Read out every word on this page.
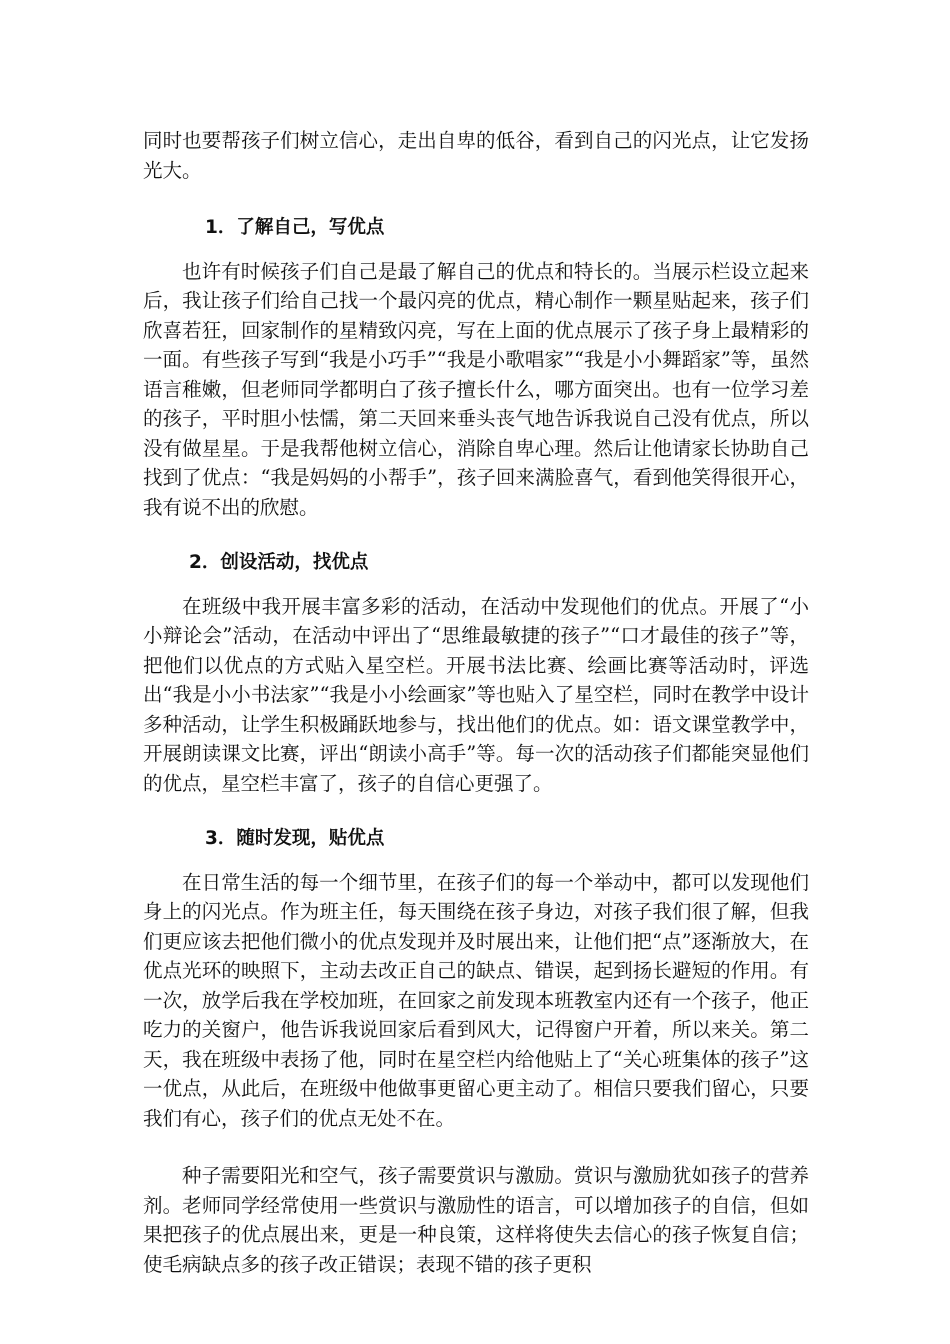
同时也要帮孩子们树立信心，走出自卑的低谷，看到自己的闪光点，让它发扬光大。

1．了解自己，写优点

也许有时候孩子们自己是最了解自己的优点和特长的。当展示栏设立起来后，我让孩子们给自己找一个最闪亮的优点，精心制作一颗星贴起来，孩子们欣喜若狂，回家制作的星精致闪亮，写在上面的优点展示了孩子身上最精彩的一面。有些孩子写到“我是小巧手”“我是小歌唱家”“我是小小舞蹈家”等，虽然语言稚嫩，但老师同学都明白了孩子擅长什么，哪方面突出。也有一位学习差的孩子，平时胆小怯懦，第二天回来垂头丧气地告诉我说自己没有优点，所以没有做星星。于是我帮他树立信心，消除自卑心理。然后让他请家长协助自己找到了优点：“我是妈妈的小帮手”，孩子回来满脸喜气，看到他笑得很开心，我有说不出的欣慰。

2．创设活动，找优点

在班级中我开展丰富多彩的活动，在活动中发现他们的优点。开展了“小小辩论会”活动，在活动中评出了“思维最敏捷的孩子”“口才最佳的孩子”等，把他们以优点的方式贴入星空栏。开展书法比赛、绘画比赛等活动时，评选出“我是小小书法家”“我是小小绘画家”等也贴入了星空栏，同时在教学中设计多种活动，让学生积极踊跃地参与，找出他们的优点。如：语文课堂教学中，开展朗读课文比赛，评出“朗读小高手”等。每一次的活动孩子们都能突显他们的优点，星空栏丰富了，孩子的自信心更强了。

3．随时发现，贴优点

在日常生活的每一个细节里，在孩子们的每一个举动中，都可以发现他们身上的闪光点。作为班主任，每天围绕在孩子身边，对孩子我们很了解，但我们更应该去把他们微小的优点发现并及时展出来，让他们把“点”逐渐放大，在优点光环的映照下，主动去改正自己的缺点、错误，起到扬长避短的作用。有一次，放学后我在学校加班，在回家之前发现本班教室内还有一个孩子，他正吃力的关窗户，他告诉我说回家后看到风大，记得窗户开着，所以来关。第二天，我在班级中表扬了他，同时在星空栏内给他贴上了“关心班集体的孩子”这一优点，从此后，在班级中他做事更留心更主动了。相信只要我们留心，只要我们有心，孩子们的优点无处不在。

种子需要阳光和空气，孩子需要赏识与激励。赏识与激励犹如孩子的营养剂。老师同学经常使用一些赏识与激励性的语言，可以增加孩子的自信，但如果把孩子的优点展出来，更是一种良策，这样将使失去信心的孩子恢复自信；使毛病缺点多的孩子改正错误；表现不错的孩子更积
